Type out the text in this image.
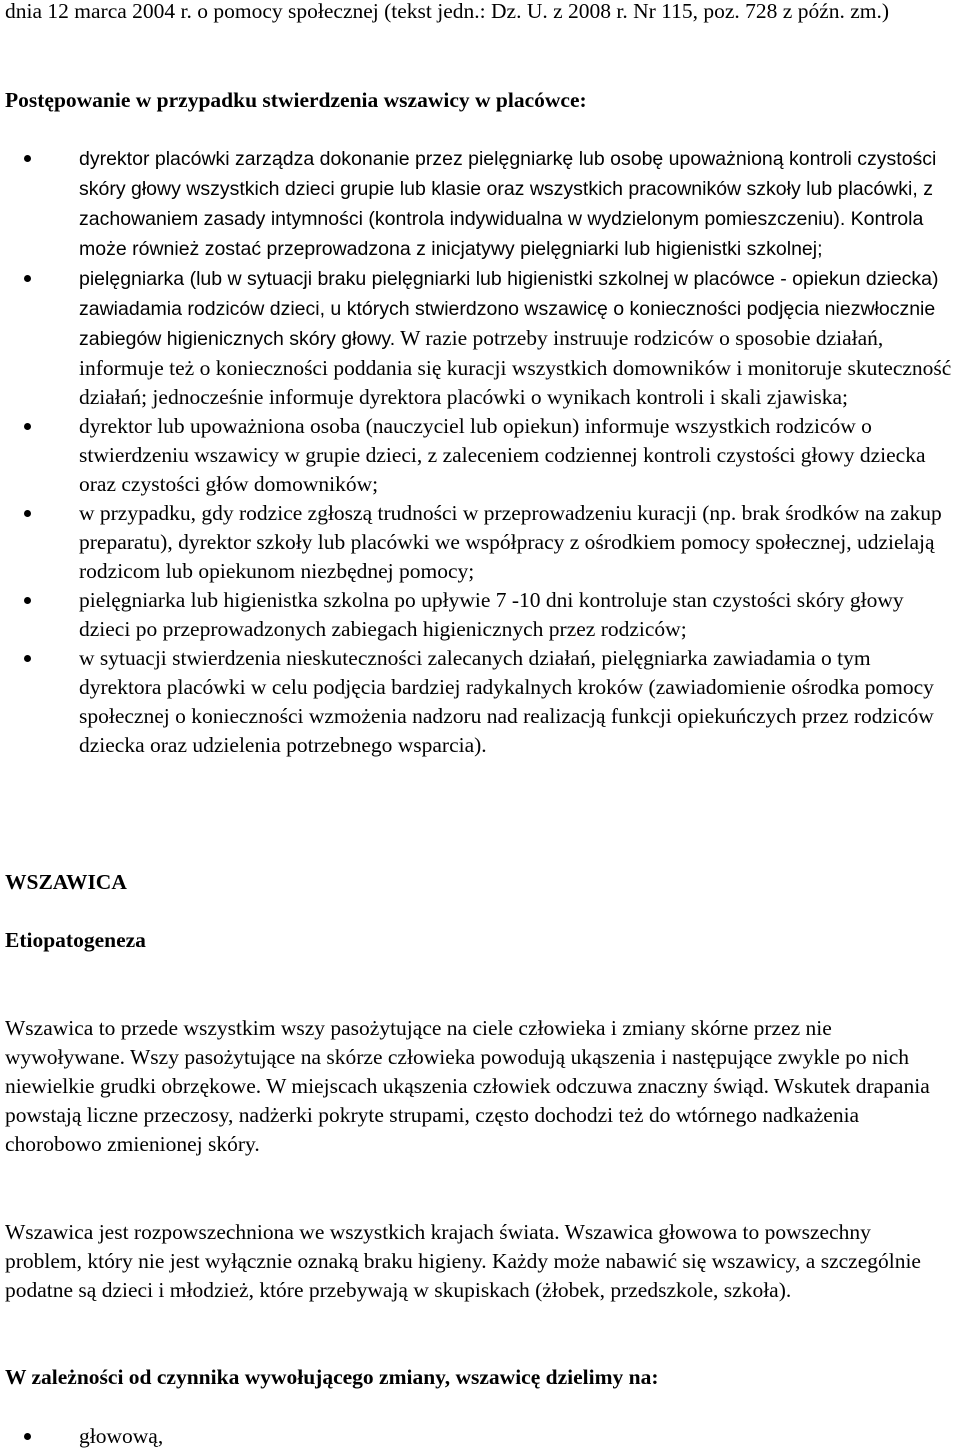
dnia 12 marca 2004 r. o pomocy społecznej (tekst jedn.: Dz. U. z 2008 r. Nr 115, poz. 728 z późn. zm.)

Postępowanie w przypadku stwierdzenia wszawicy w placówce:

dyrektor placówki zarządza dokonanie przez pielęgniarkę lub osobę upoważnioną kontroli czystości skóry głowy wszystkich dzieci grupie lub klasie oraz wszystkich pracowników szkoły lub placówki, z zachowaniem zasady intymności (kontrola indywidualna w wydzielonym pomieszczeniu). Kontrola może również zostać przeprowadzona z inicjatywy pielęgniarki lub higienistki szkolnej;
pielęgniarka (lub w sytuacji braku pielęgniarki lub higienistki szkolnej w placówce - opiekun dziecka) zawiadamia rodziców dzieci, u których stwierdzono wszawicę o konieczności podjęcia niezwłocznie zabiegów higienicznych skóry głowy. W razie potrzeby instruuje rodziców o sposobie działań, informuje też o konieczności poddania się kuracji wszystkich domowników i monitoruje skuteczność działań; jednocześnie informuje dyrektora placówki o wynikach kontroli i skali zjawiska;
dyrektor lub upoważniona osoba (nauczyciel lub opiekun) informuje wszystkich rodziców o stwierdzeniu wszawicy w grupie dzieci, z zaleceniem codziennej kontroli czystości głowy dziecka oraz czystości głów domowników;
w przypadku, gdy rodzice zgłoszą trudności w przeprowadzeniu kuracji (np. brak środków na zakup preparatu), dyrektor szkoły lub placówki we współpracy z ośrodkiem pomocy społecznej, udzielają rodzicom lub opiekunom niezbędnej pomocy;
pielęgniarka lub higienistka szkolna po upływie 7 -10 dni kontroluje stan czystości skóry głowy dzieci po przeprowadzonych zabiegach higienicznych przez rodziców;
w sytuacji stwierdzenia nieskuteczności zalecanych działań, pielęgniarka zawiadamia o tym dyrektora placówki w celu podjęcia bardziej radykalnych kroków (zawiadomienie ośrodka pomocy społecznej o konieczności wzmożenia nadzoru nad realizacją funkcji opiekuńczych przez rodziców dziecka oraz udzielenia potrzebnego wsparcia).

WSZAWICA

Etiopatogeneza

Wszawica to przede wszystkim wszy pasożytujące na ciele człowieka i zmiany skórne przez nie wywoływane. Wszy pasożytujące na skórze człowieka powodują ukąszenia i następujące zwykle po nich niewielkie grudki obrzękowe. W miejscach ukąszenia człowiek odczuwa znaczny świąd. Wskutek drapania powstają liczne przeczosy, nadżerki pokryte strupami, często dochodzi też do wtórnego nadkażenia chorobowo zmienionej skóry.

Wszawica jest rozpowszechniona we wszystkich krajach świata. Wszawica głowowa to powszechny problem, który nie jest wyłącznie oznaką braku higieny. Każdy może nabawić się wszawicy, a szczególnie podatne są dzieci i młodzież, które przebywają w skupiskach (żłobek, przedszkole, szkoła).

W zależności od czynnika wywołującego zmiany, wszawicę dzielimy na:

głowową,
